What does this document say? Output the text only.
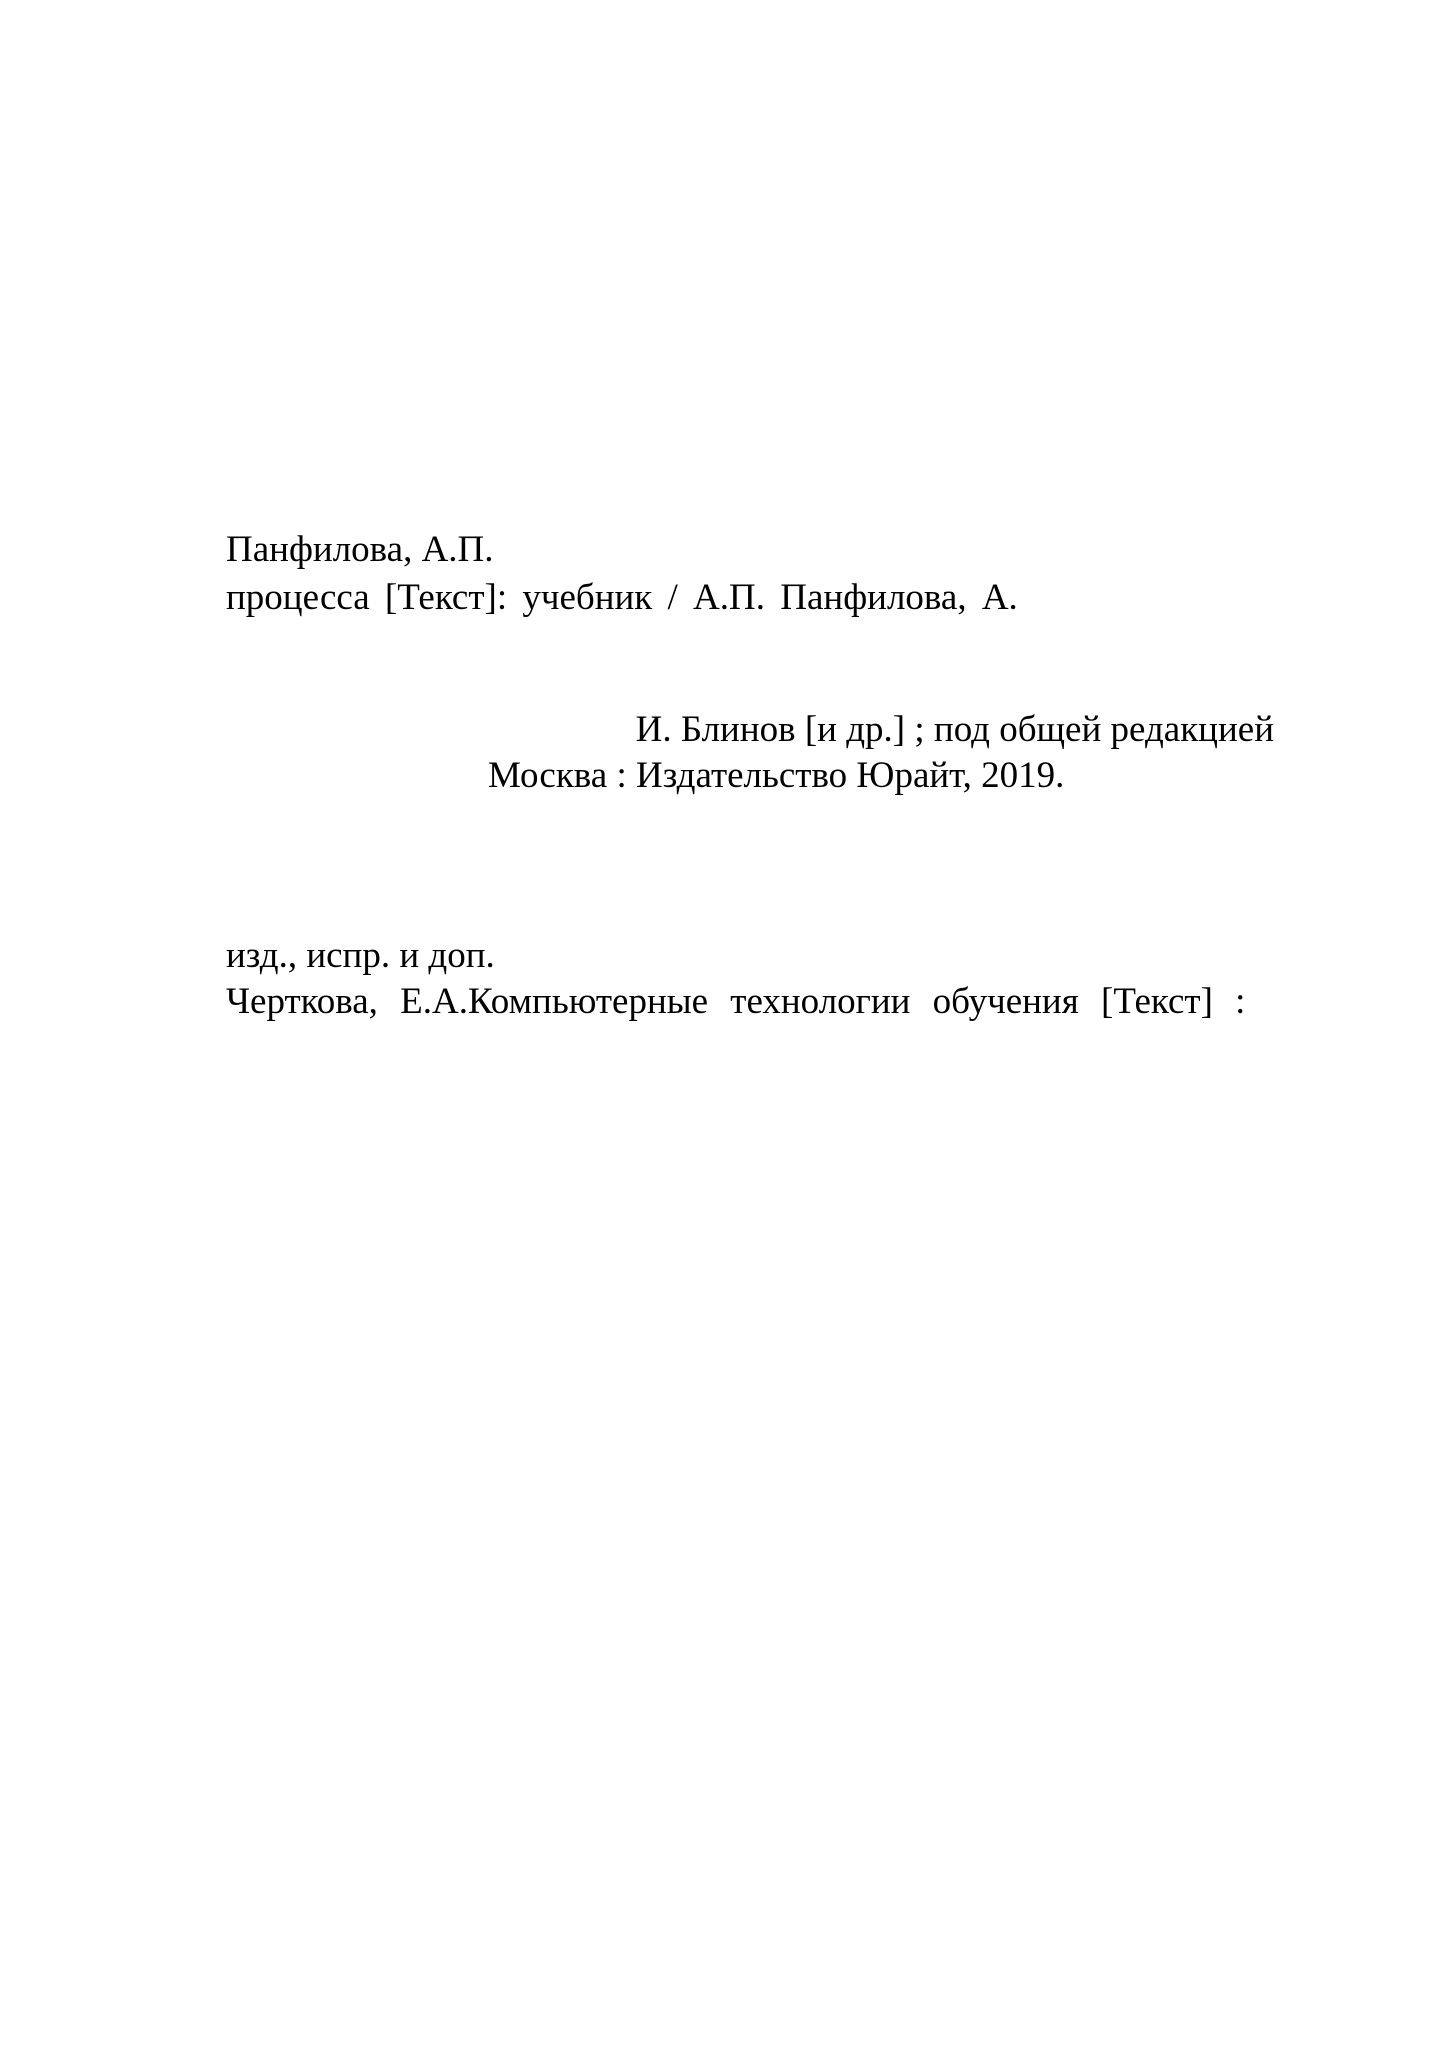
Панфилова, А.П.
процесса [Текст]: учебник / А.П. Панфилова, А.
И. Блинов [и др.] ; под общей редакцией
Москва : Издательство Юрайт, 2019.
изд., испр. и доп.
Черткова, Е.А.Компьютерные технологии обучения [Текст] :
